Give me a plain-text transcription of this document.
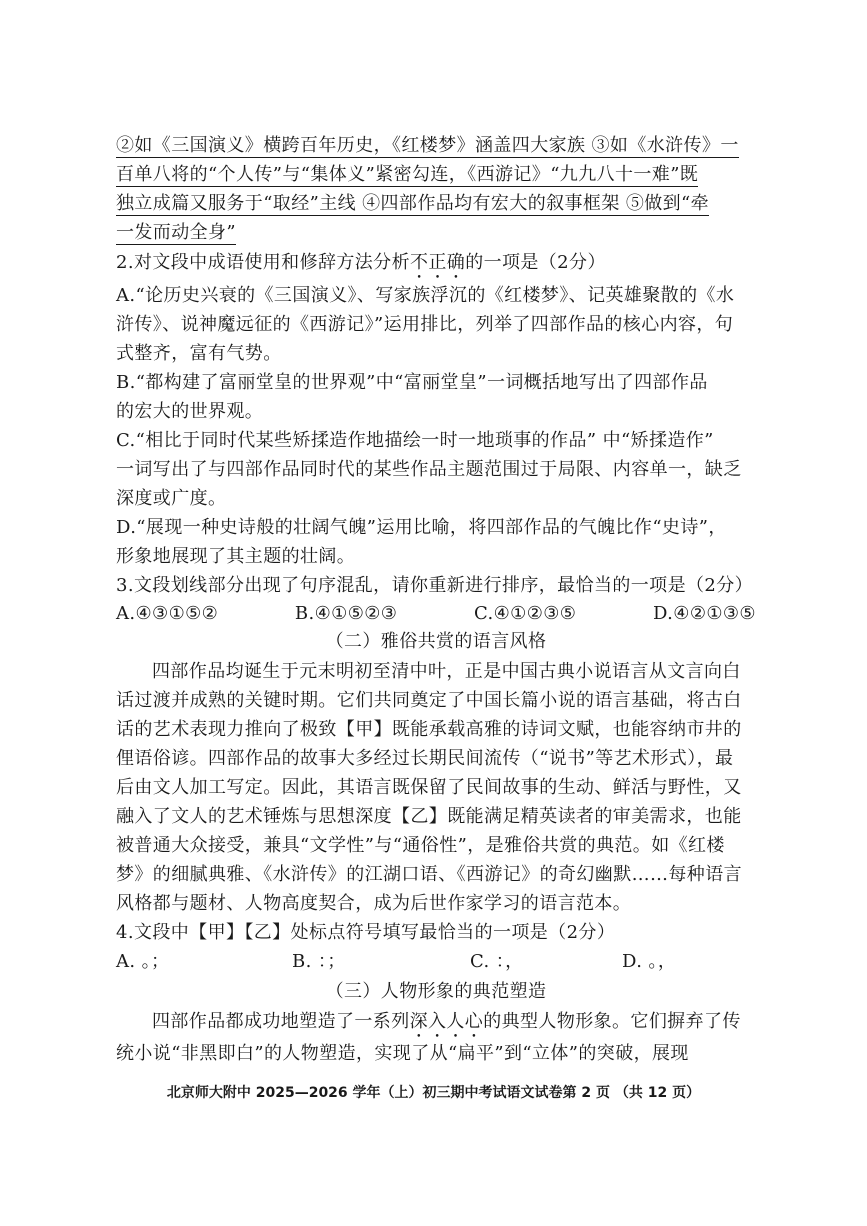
②如《三国演义》横跨百年历史，《红楼梦》涵盖四大家族 ③如《水浒传》一
百单八将的“个人传”与“集体义”紧密勾连，《西游记》“九九八十一难”既
独立成篇又服务于“取经”主线 ④四部作品均有宏大的叙事框架 ⑤做到“牵
一发而动全身”
2.对文段中成语使用和修辞方法分析不正确的一项是（2分）
A.“论历史兴衰的《三国演义》、写家族浮沉的《红楼梦》、记英雄聚散的《水
浒传》、说神魔远征的《西游记》”运用排比，列举了四部作品的核心内容，句
式整齐，富有气势。
B.“都构建了富丽堂皇的世界观”中“富丽堂皇”一词概括地写出了四部作品
的宏大的世界观。
C.“相比于同时代某些矫揉造作地描绘一时一地琐事的作品” 中“矫揉造作”
一词写出了与四部作品同时代的某些作品主题范围过于局限、内容单一，缺乏
深度或广度。
D.“展现一种史诗般的壮阔气魄”运用比喻，将四部作品的气魄比作“史诗”，
形象地展现了其主题的壮阔。
3.文段划线部分出现了句序混乱，请你重新进行排序，最恰当的一项是（2分）
A.④③①⑤②	B.④①⑤②③	C.④①②③⑤	D.④②①③⑤
（二）雅俗共赏的语言风格
四部作品均诞生于元末明初至清中叶，正是中国古典小说语言从文言向白
话过渡并成熟的关键时期。它们共同奠定了中国长篇小说的语言基础，将古白
话的艺术表现力推向了极致【甲】既能承载高雅的诗词文赋，也能容纳市井的
俚语俗谚。四部作品的故事大多经过长期民间流传（“说书”等艺术形式），最
后由文人加工写定。因此，其语言既保留了民间故事的生动、鲜活与野性，又
融入了文人的艺术锤炼与思想深度【乙】既能满足精英读者的审美需求，也能
被普通大众接受，兼具“文学性”与“通俗性”，是雅俗共赏的典范。如《红楼
梦》的细腻典雅、《水浒传》的江湖口语、《西游记》的奇幻幽默……每种语言
风格都与题材、人物高度契合，成为后世作家学习的语言范本。
4.文段中【甲】【乙】处标点符号填写最恰当的一项是（2分）
A. 。；	B. ：；	C. ：，	D. 。，
（三）人物形象的典范塑造
四部作品都成功地塑造了一系列深入人心的典型人物形象。它们摒弃了传
统小说“非黑即白”的人物塑造，实现了从“扁平”到“立体”的突破，展现
北京师大附中 2025—2026 学年（上）初三期中考试语文试卷第 2 页 （共 12 页）
